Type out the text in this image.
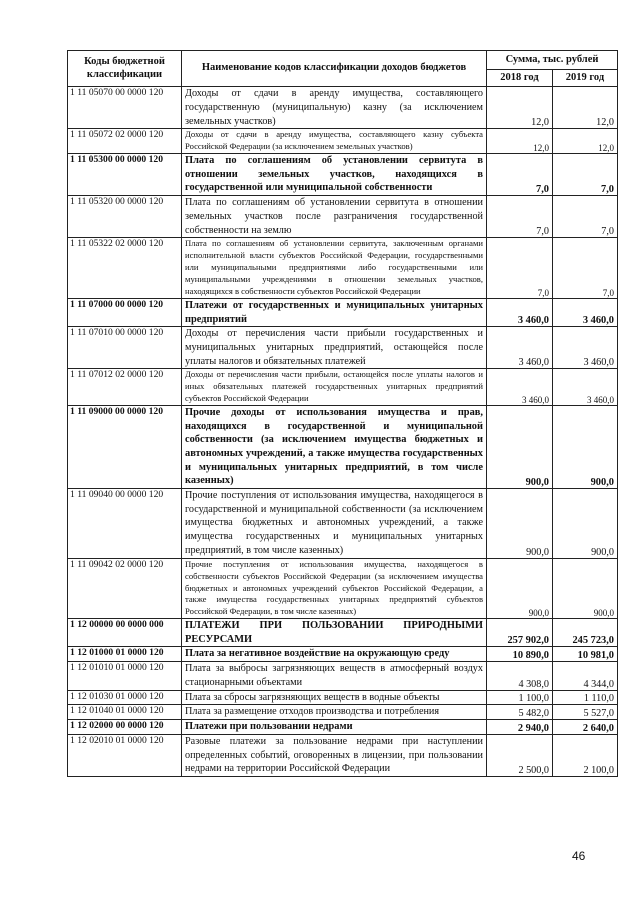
Коды бюджетной классификации	Наименование кодов классификации доходов бюджетов	Сумма, тыс. рублей	
		2018 год	2019 год
1 11 05070 00 0000 120	Доходы от сдачи в аренду имущества, составляющего государственную (муниципальную) казну (за исключением земельных участков)	12,0	12,0
1 11 05072 02 0000 120	Доходы от сдачи в аренду имущества, составляющего казну субъекта Российской Федерации (за исключением земельных участков)	12,0	12,0
1 11 05300 00 0000 120	Плата по соглашениям об установлении сервитута в отношении земельных участков, находящихся в государственной или муниципальной собственности	7,0	7,0
1 11 05320 00 0000 120	Плата по соглашениям об установлении сервитута в отношении земельных участков после разграничения государственной собственности на землю	7,0	7,0
1 11 05322 02 0000 120	Плата по соглашениям об установлении сервитута, заключенным органами исполнительной власти субъектов Российской Федерации, государственными или муниципальными предприятиями либо государственными или муниципальными учреждениями в отношении земельных участков, находящихся в собственности субъектов Российской Федерации	7,0	7,0
1 11 07000 00 0000 120	Платежи от государственных и муниципальных унитарных предприятий	3 460,0	3 460,0
1 11 07010 00 0000 120	Доходы от перечисления части прибыли государственных и муниципальных унитарных предприятий, остающейся после уплаты налогов и обязательных платежей	3 460,0	3 460,0
1 11 07012 02 0000 120	Доходы от перечисления части прибыли, остающейся после уплаты налогов и иных обязательных платежей государственных унитарных предприятий субъектов Российской Федерации	3 460,0	3 460,0
1 11 09000 00 0000 120	Прочие доходы от использования имущества и прав, находящихся в государственной и муниципальной собственности (за исключением имущества бюджетных и автономных учреждений, а также имущества государственных и муниципальных унитарных предприятий, в том числе казенных)	900,0	900,0
1 11 09040 00 0000 120	Прочие поступления от использования имущества, находящегося в государственной и муниципальной собственности (за исключением имущества бюджетных и автономных учреждений, а также имущества государственных и муниципальных унитарных предприятий, в том числе казенных)	900,0	900,0
1 11 09042 02 0000 120	Прочие поступления от использования имущества, находящегося в собственности субъектов Российской Федерации (за исключением имущества бюджетных и автономных учреждений субъектов Российской Федерации, а также имущества государственных унитарных предприятий субъектов Российской Федерации, в том числе казенных)	900,0	900,0
1 12 00000 00 0000 000	ПЛАТЕЖИ ПРИ ПОЛЬЗОВАНИИ ПРИРОДНЫМИ РЕСУРСАМИ	257 902,0	245 723,0
1 12 01000 01 0000 120	Плата за негативное воздействие на окружающую среду	10 890,0	10 981,0
1 12 01010 01 0000 120	Плата за выбросы загрязняющих веществ в атмосферный воздух стационарными объектами	4 308,0	4 344,0
1 12 01030 01 0000 120	Плата за сбросы загрязняющих веществ в водные объекты	1 100,0	1 110,0
1 12 01040 01 0000 120	Плата за размещение отходов производства и потребления	5 482,0	5 527,0
1 12 02000 00 0000 120	Платежи при пользовании недрами	2 940,0	2 640,0
1 12 02010 01 0000 120	Разовые платежи за пользование недрами при наступлении определенных событий, оговоренных в лицензии, при пользовании недрами на территории Российской Федерации	2 500,0	2 100,0
46
